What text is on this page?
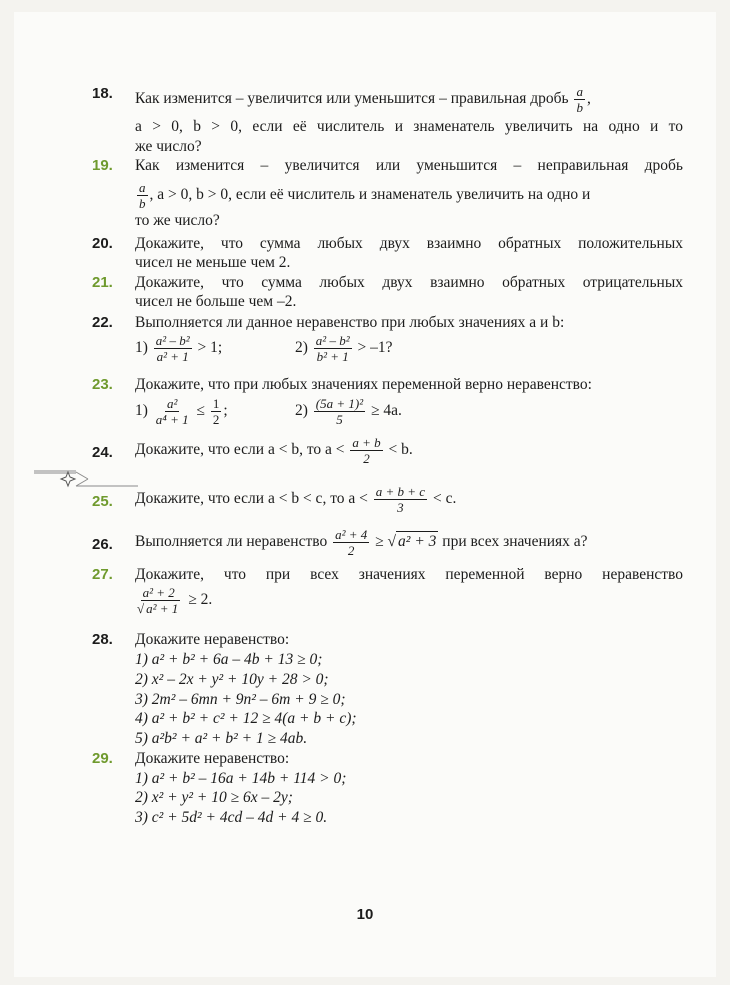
18.	Как изменится – увеличится или уменьшится – правильная дробь $\frac{a}{b}$ ,
a > 0, b > 0, если её числитель и знаменатель увеличить на одно и то
же число?
19.	Как изменится – увеличится или уменьшится – неправильная дробь
$\frac{a}{b}$ , a > 0, b > 0, если её числитель и знаменатель увеличить на одно и
то же число?
20.	Докажите, что сумма любых двух взаимно обратных положительных
чисел не меньше чем 2.
21.	Докажите, что сумма любых двух взаимно обратных отрицательных
чисел не больше чем –2.
22.	Выполняется ли данное неравенство при любых значениях a и b:
$1) \frac{\text{a² – b²}}{\text{a² + 1}} > 1$;	$2) \frac{\text{a² – b²}}{\text{b² + 1}} > -1$?
23.	Докажите, что при любых значениях переменной верно неравенство:
$1) \frac{\text{a²}}{\text{a⁴ + 1}} \le \frac{1}{2}$ ;	$2) \frac{\text{(5a + 1)²}}{5} \ge 4a$.
24.	Докажите, что если a < b, то $a < \frac{a + b}{2} < b$.
25.	Докажите, что если a < b < c, то $a < \frac{a + b + c}{3} < c$.
26.	Выполняется ли неравенство $\frac{\text{a² + 4}}{2}$ ≥ √ a² + 3 при всех значениях a?
27.	Докажите, что при всех значениях переменной верно неравенство
$\frac{\text{a² + 2}}{\text{√ a² + 1}} \ge 2$.
28.	Докажите неравенство:
1) a² + b² + 6a – 4b + 13 ≥ 0;
2) x² – 2x + y² + 10y + 28 > 0;
3) 2m² – 6mn + 9n² – 6m + 9 ≥ 0;
4) a² + b² + c² + 12 ≥ 4(a + b + c);
5) a²b² + a² + b² + 1 ≥ 4ab.
29.	Докажите неравенство:
1) a² + b² – 16a + 14b + 114 > 0;
2) x² + y² + 10 ≥ 6x – 2y;
3) c² + 5d² + 4cd – 4d + 4 ≥ 0.
10
